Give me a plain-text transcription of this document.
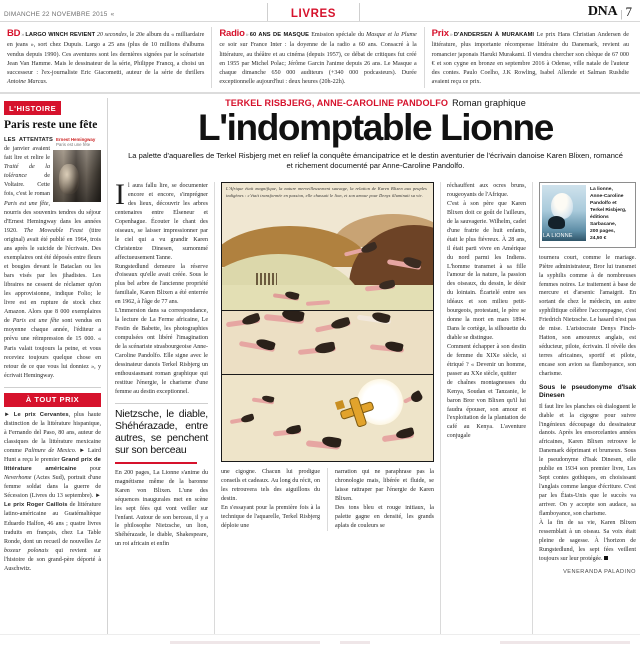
DIMANCHE 22 NOVEMBRE 2015 «	LIVRES	DNA | 7
BD»LARGO WINCH REVIENT 20 secondes, le 20e album du « milliardaire en jeans », sort chez Dupuis. Largo a 25 ans (plus de 10 millions d'albums vendus depuis 1990). Ces aventures sont les dernières signées par le scénariste Jean Van Hamme. Mais le dessinateur de la série, Philippe Francq, a choisi un successeur : l'ex-journaliste Eric Giacometti, auteur de la série de thrillers Antoine Marcas.
Radio»60 ANS DE MASQUE Emission spéciale du Masque et la Plume ce soir sur France Inter : la doyenne de la radio a 60 ans. Consacré à la littérature, au théâtre et au cinéma (depuis 1957), ce débat de critiques fut créé en 1955 par Michel Polac; Jérôme Garcin l'anime depuis 26 ans. Le Masque a chaque dimanche 650 000 auditeurs (+340 000 podcasteurs). Durée exceptionnelle aujourd'hui : deux heures (20h-22h).
Prix»D'ANDERSEN À MURAKAMI Le prix Hans Christian Andersen de littérature, plus importante récompense littéraire du Danemark, revient au romancier japonais Haruki Murakami. Il viendra chercher son chèque de 67 000 € et son cygne en bronze en septembre 2016 à Odense, ville natale de l'auteur des contes. Paulo Coelho, J.K Rowling, Isabel Allende et Salman Rushdie avaient reçu ce prix.
L'HISTOIRE
Paris reste une fête
Ernest Hemingway
Paris est une fête
LES ATTENTATS de janvier avaient fait lire et relire le Traité de la tolérance de Voltaire. Cette fois, c'est le roman Paris est une fête, nourris des souvenirs tendres du séjour d'Ernest Hemingway dans les années 1920. The Moveable Feast (titre original) avait été publié en 1964, trois ans après le suicide de l'écrivain. Des exemplaires ont été déposés entre fleurs et bougies devant le Bataclan ou les bars visés par les jihadistes. Les libraires ne cessent de réclamer qu'on les approvisionne, indique Folio; le livre est en rupture de stock chez Amazon. Alors que 8 000 exemplaires de Paris est une fête sont vendus en moyenne chaque année, l'éditeur a prévu une réimpression de 15 000. « Paris valait toujours la peine, et vous receviez toujours quelque chose en retour de ce que vous lui donniez », y écrivait Hemingway.
À TOUT PRIX
► Le prix Cervantes, plus haute distinction de la littérature hispanique, à Fernando del Paso, 80 ans, auteur de classiques de la littérature mexicaine comme Palinure de Mexico. ► Laird Hunt a reçu le premier Grand prix de littérature américaine pour Neverhome (Actes Sud), portrait d'une femme soldat dans la guerre de Sécession (Livres du 13 septembre). ► Le prix Roger Caillois de littérature latino-américaine au Guatémaltèque Eduardo Halfon, 46 ans ; quatre livres traduits en français, chez La Table Ronde, dont un recueil de nouvelles Le boxeur polonais qui revient sur l'histoire de son grand-père déporté à Auschwitz.
TERKEL RISBJERG, ANNE-CAROLINE PANDOLFO Roman graphique
L'indomptable Lionne
La palette d'aquarelles de Terkel Risbjerg met en relief la conquête émancipatrice et le destin aventurier de l'écrivain danoise Karen Blixen, romancé et richement documenté par Anne-Caroline Pandolfo.

Il aura fallu lire, se documenter encore et encore, s'imprégner des lieux, découvrir les arbres centenaires entre Elseneur et Copenhague. Écouter le chant des oiseaux, se laisser impressionner par le ciel qui a vu grandir Karen Christentze Dinesen, surnommé affectueusement Tanne.

Rungstedlund demeure la réserve d'oiseaux qu'elle avait créée. Sous le plus bel arbre de l'ancienne propriété familiale, Karen Blixen a été enterrée en 1962, à l'âge de 77 ans.

L'immersion dans sa correspondance, la lecture de La Ferme africaine, Le Festin de Babette, les photographies compulsées ont libéré l'imagination de la scénariste strasbourgeoise Anne-Caroline Pandolfo. Elle signe avec le dessinateur danois Terkel Risbjerg un enthousiasmant roman graphique qui restitue l'énergie, le charisme d'une femme au destin exceptionnel.

Nietzsche, le diable, Shéhérazade, entre autres, se penchent sur son berceau

En 200 pages, La Lionne s'anime du magnétisme même de la baronne Karen von Blixen. L'une des séquences inaugurales met en scène les sept fées qui vont veiller sur l'enfant. Autour de son berceau, il y a le philosophe Nietzsche, un lion, Shéhérazade, le diable, Shakespeare, un roi africain et enfin

L'Afrique était magnifique, la nature merveilleusement sauvage, la relation de Karen Blixen aux peuples indigènes : c'était transformée en passion, elle chassait le lion, et son amour pour Denys illuminait sa vie.

une cigogne. Chacun lui prodigue conseils et cadeaux. Au long du récit, on les retrouvera tels des aiguillons du destin.

En s'essayant pour la première fois à la technique de l'aquarelle, Terkel Risbjerg déploie une

narration qui ne paraphrase pas la chronologie mais, libérée et fluide, se laisse rattraper par l'énergie de Karen Blixen.

Des tons bleu et rouge initiaux, la palette gagne en densité, les grands aplats de couleurs se

réchauffent aux ocres bruns, rougeoyants de l'Afrique.

C'est à son père que Karen Blixen doit ce goût de l'ailleurs, de la sauvagerie. Wilhelm, cadet d'une fratrie de huit enfants, était le plus fiévreux. À 28 ans, il était parti vivre en Amérique du nord parmi les Indiens. L'homme transmet à sa fille l'amour de la nature, la passion des oiseaux, du dessin, le désir du lointain. Écartelé entre ses idéaux et son milieu petit-bourgeois, protestant, le père se donne la mort en mars 1894. Dans le cortège, la silhouette du diable se distingue.

Comment échapper à son destin de femme du XIXe siècle, si étriqué ? « Devenir un homme, passer au XXe siècle, quitter

de chaînes montagneuses du Kenya, Soudan et Tanzanie, le baron Bror von Blixen qu'il lui faudra épouser, son amour et l'exploitation de la plantation de café au Kenya. L'aventure conjugale

LA LIONNE
La lionne,
Anne-Caroline
Pandolfo et
Terkel Risbjerg,
éditions
Sarbacane,
200 pages,
24,50 €

tournera court, comme le mariage. Piètre administrateur, Bror lui transmet la syphilis comme à de nombreuses femmes noires. Le traitement à base de mercure et d'arsenic l'amaigrit. En sortant de chez le médecin, un autre syphilitique célèbre l'accompagne, c'est Friedrich Nietzsche. Le hasard n'est pas de mise. L'aristocrate Denys Finch-Hatton, son amoureux anglais, est séducteur, pilote, écrivain. Il révèle des terres africaines, sportif et pilote, encase son avion sa flamboyance, son charisme.

Sous le pseudonyme d'Isak Dinesen

Il faut lire les planches où dialoguent le diable et la cigogne pour suivre l'ingénieux découpage du dessinateur danois. Après les ensorcelantes années africaines, Karen Blixen retrouve le Danemark déprimant et brumeux. Sous le pseudonyme d'Isak Dinesen, elle publie en 1934 son premier livre, Les Sept contes gothiques, en choisissant l'anglais comme langue d'écriture. C'est par les États-Unis que le succès va arriver. On y accepte son audace, sa flamboyance, son charisme.

À la fin de sa vie, Karen Blixen ressemblait à un oiseau. Sa voix était pleine de sagesse. À l'horizon de Rungstedlund, les sept fées veillent toujours sur leur protégée.

VENERANDA PALADINO
